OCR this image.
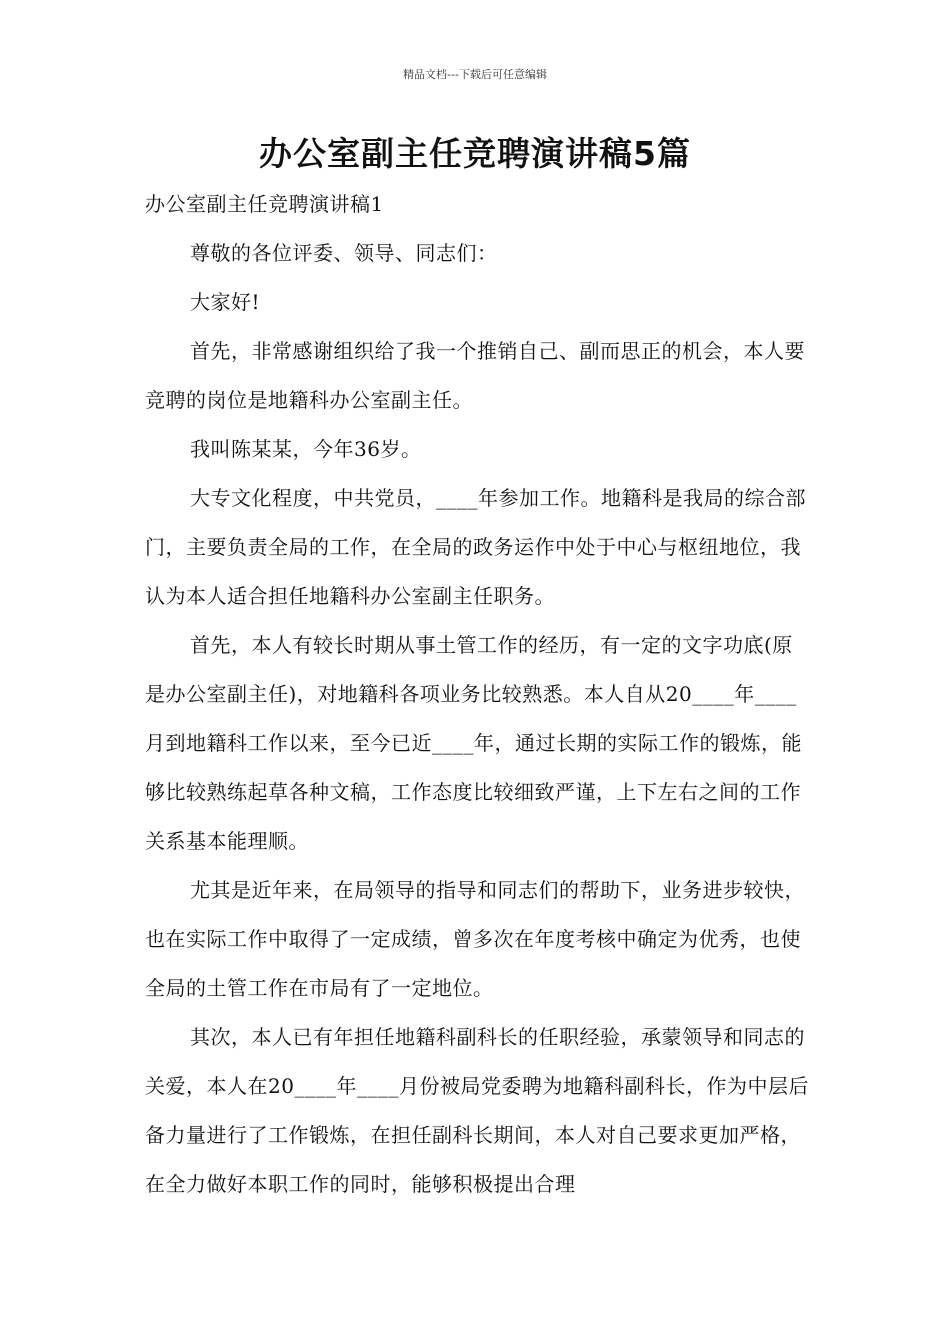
精品文档---下载后可任意编辑
办公室副主任竞聘演讲稿5篇

办公室副主任竞聘演讲稿1

尊敬的各位评委、领导、同志们：

大家好!

首先，非常感谢组织给了我一个推销自己、副而思正的机会，本人要竞聘的岗位是地籍科办公室副主任。

我叫陈某某，今年36岁。

大专文化程度，中共党员，____年参加工作。地籍科是我局的综合部门，主要负责全局的工作，在全局的政务运作中处于中心与枢纽地位，我认为本人适合担任地籍科办公室副主任职务。

首先，本人有较长时期从事土管工作的经历，有一定的文字功底(原是办公室副主任)，对地籍科各项业务比较熟悉。本人自从20____年____月到地籍科工作以来，至今已近____年，通过长期的实际工作的锻炼，能够比较熟练起草各种文稿，工作态度比较细致严谨，上下左右之间的工作关系基本能理顺。

尤其是近年来，在局领导的指导和同志们的帮助下，业务进步较快，也在实际工作中取得了一定成绩，曾多次在年度考核中确定为优秀，也使全局的土管工作在市局有了一定地位。

其次，本人已有年担任地籍科副科长的任职经验，承蒙领导和同志的关爱，本人在20____年____月份被局党委聘为地籍科副科长，作为中层后备力量进行了工作锻炼，在担任副科长期间，本人对自己要求更加严格，在全力做好本职工作的同时，能够积极提出合理
